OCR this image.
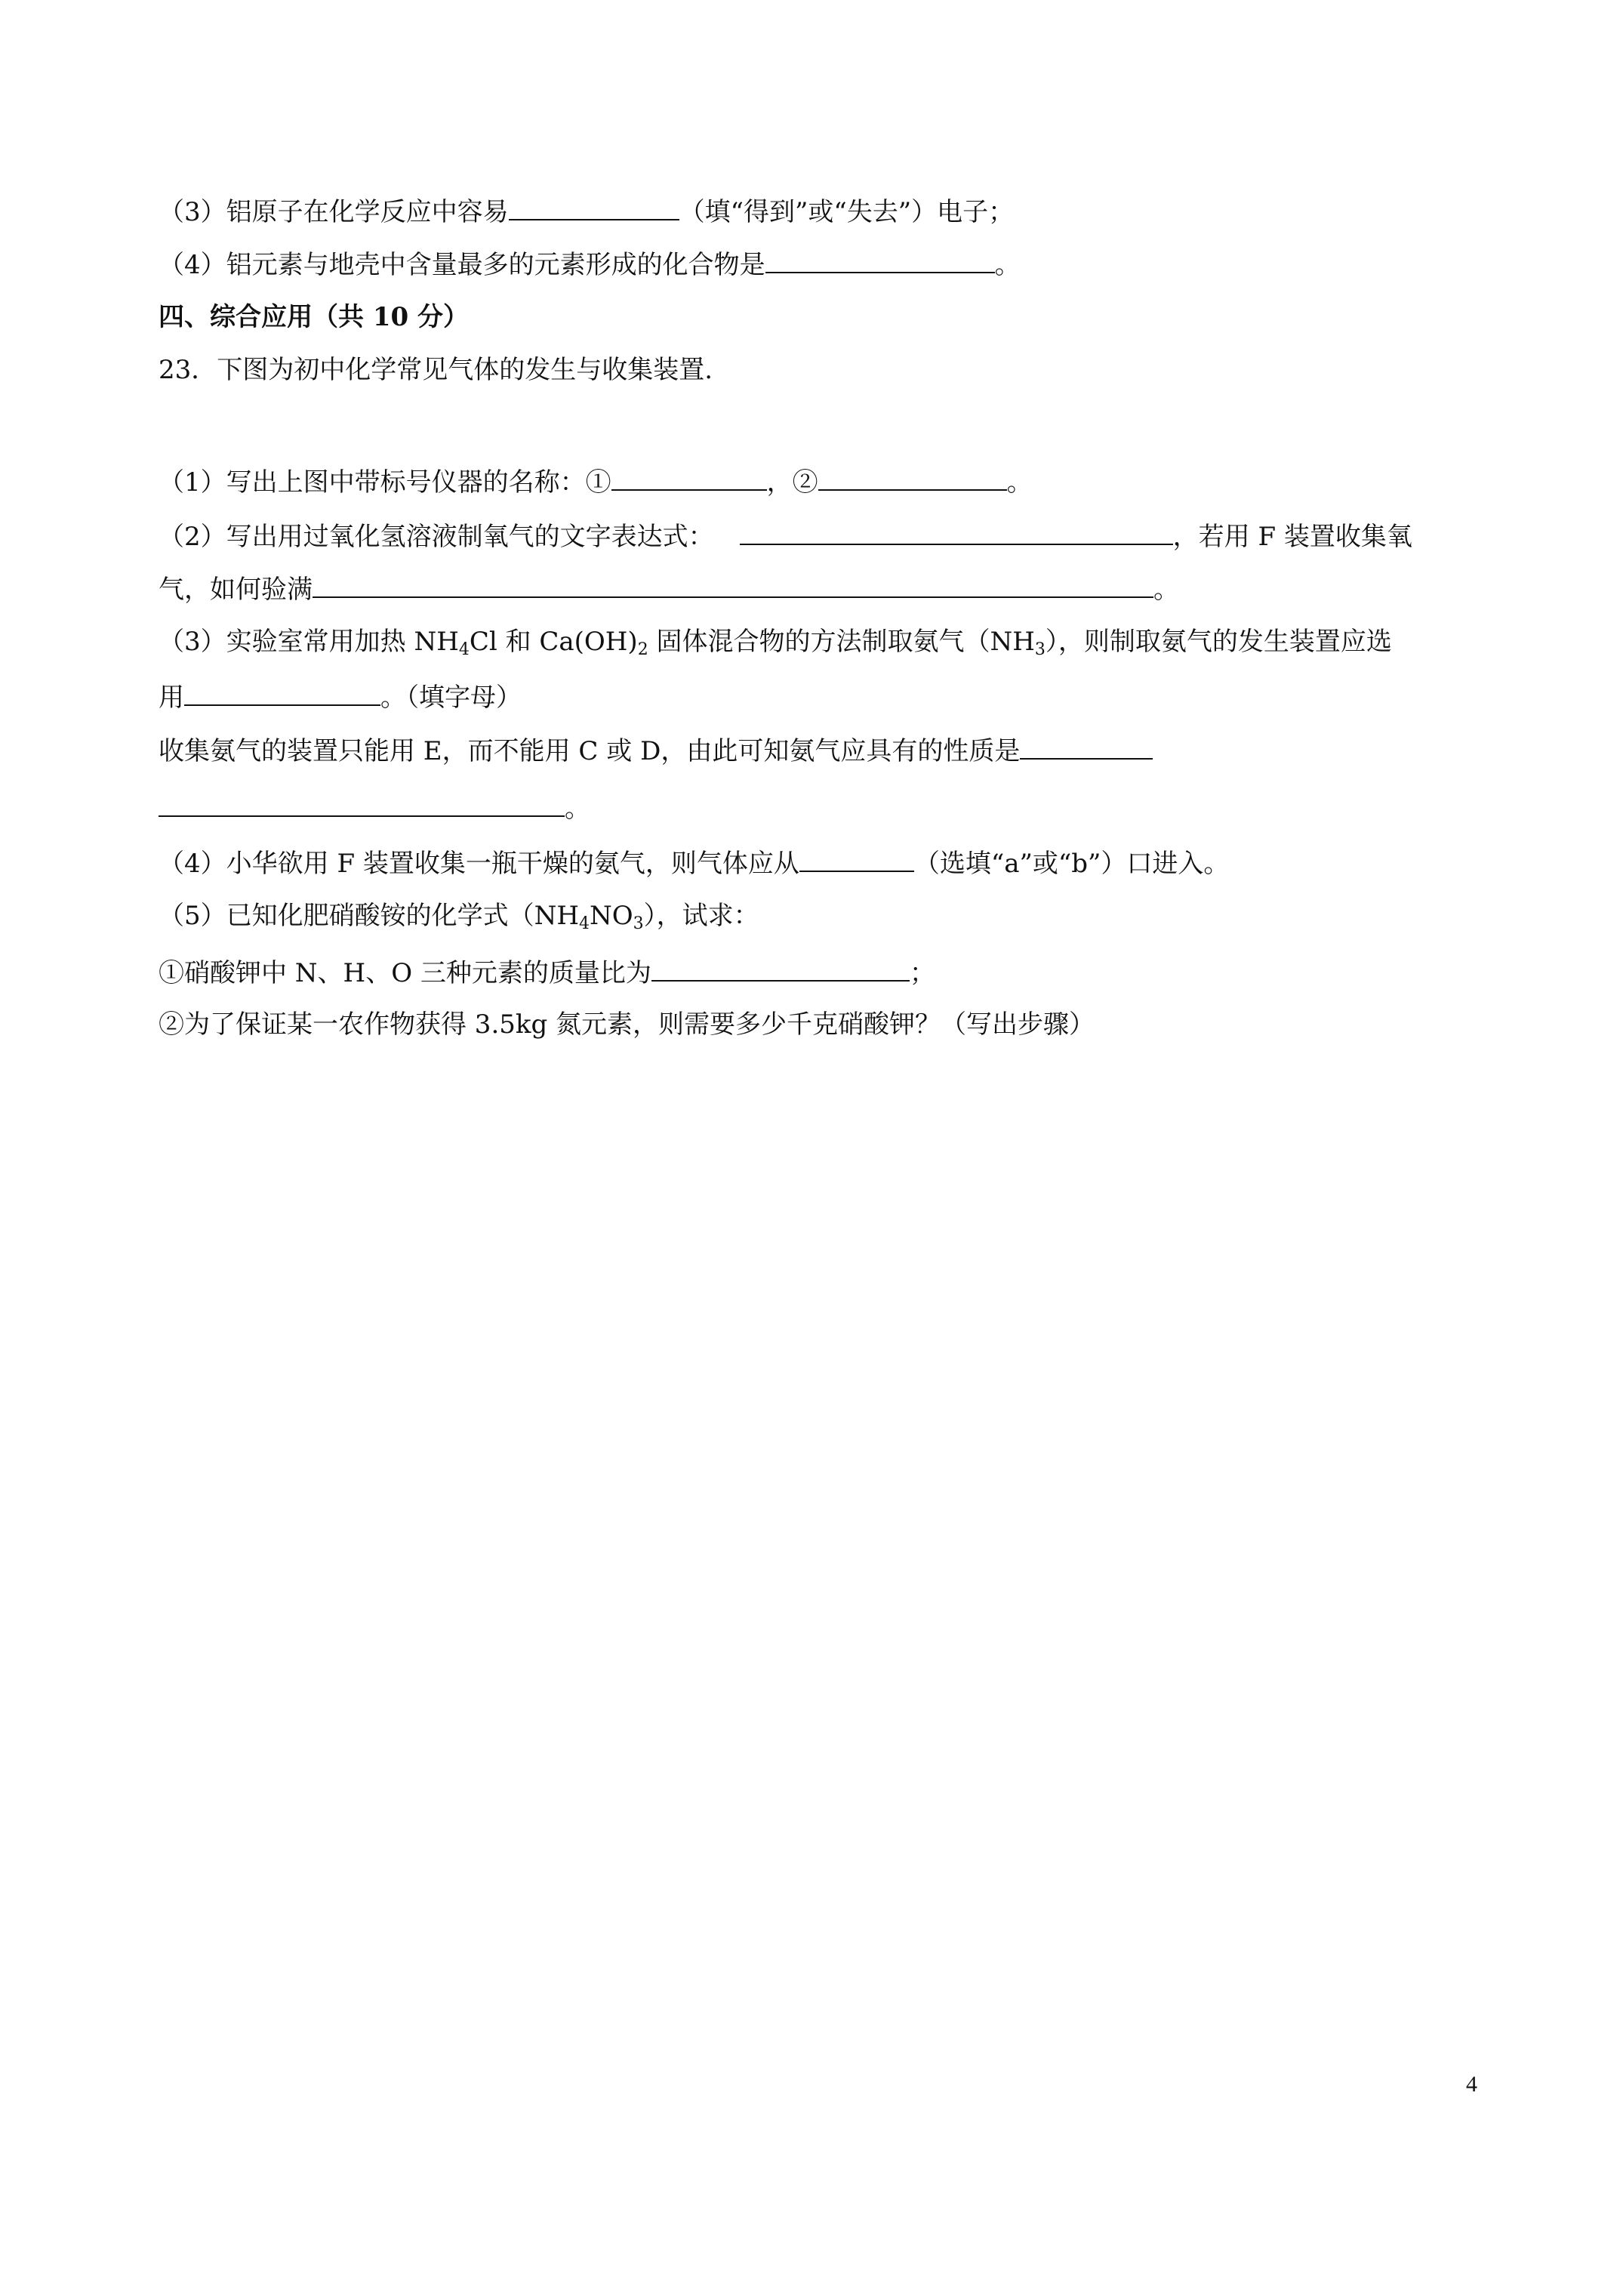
（3）铝原子在化学反应中容易	（填“得到”或“失去”）电子；
（4）铝元素与地壳中含量最多的元素形成的化合物是	。
四、综合应用（共 10 分）
23．下图为初中化学常见气体的发生与收集装置.
（1）写出上图中带标号仪器的名称：①	，②	。
（2）写出用过氧化氢溶液制氧气的文字表达式：	，若用 F 装置收集氧
气，如何验满	。
（3）实验室常用加热 $NH_4Cl$ 和 $Ca(OH)_2$ 固体混合物的方法制取氨气$(NH_3)$，则制取氨气的发生装置应选
用	。（填字母）
收集氨气的装置只能用 E，而不能用 C 或 D，由此可知氨气应具有的性质是
。
（4）小华欲用 F 装置收集一瓶干燥的氨气，则气体应从	（选填“a”或“b”）口进入。
（5）已知化肥硝酸铵的化学式$(NH_4NO_3)$，试求：
①硝酸钾中 N、H、O 三种元素的质量比为	；
②为了保证某一农作物获得 3.5kg 氮元素，则需要多少千克硝酸钾？（写出步骤）
4
